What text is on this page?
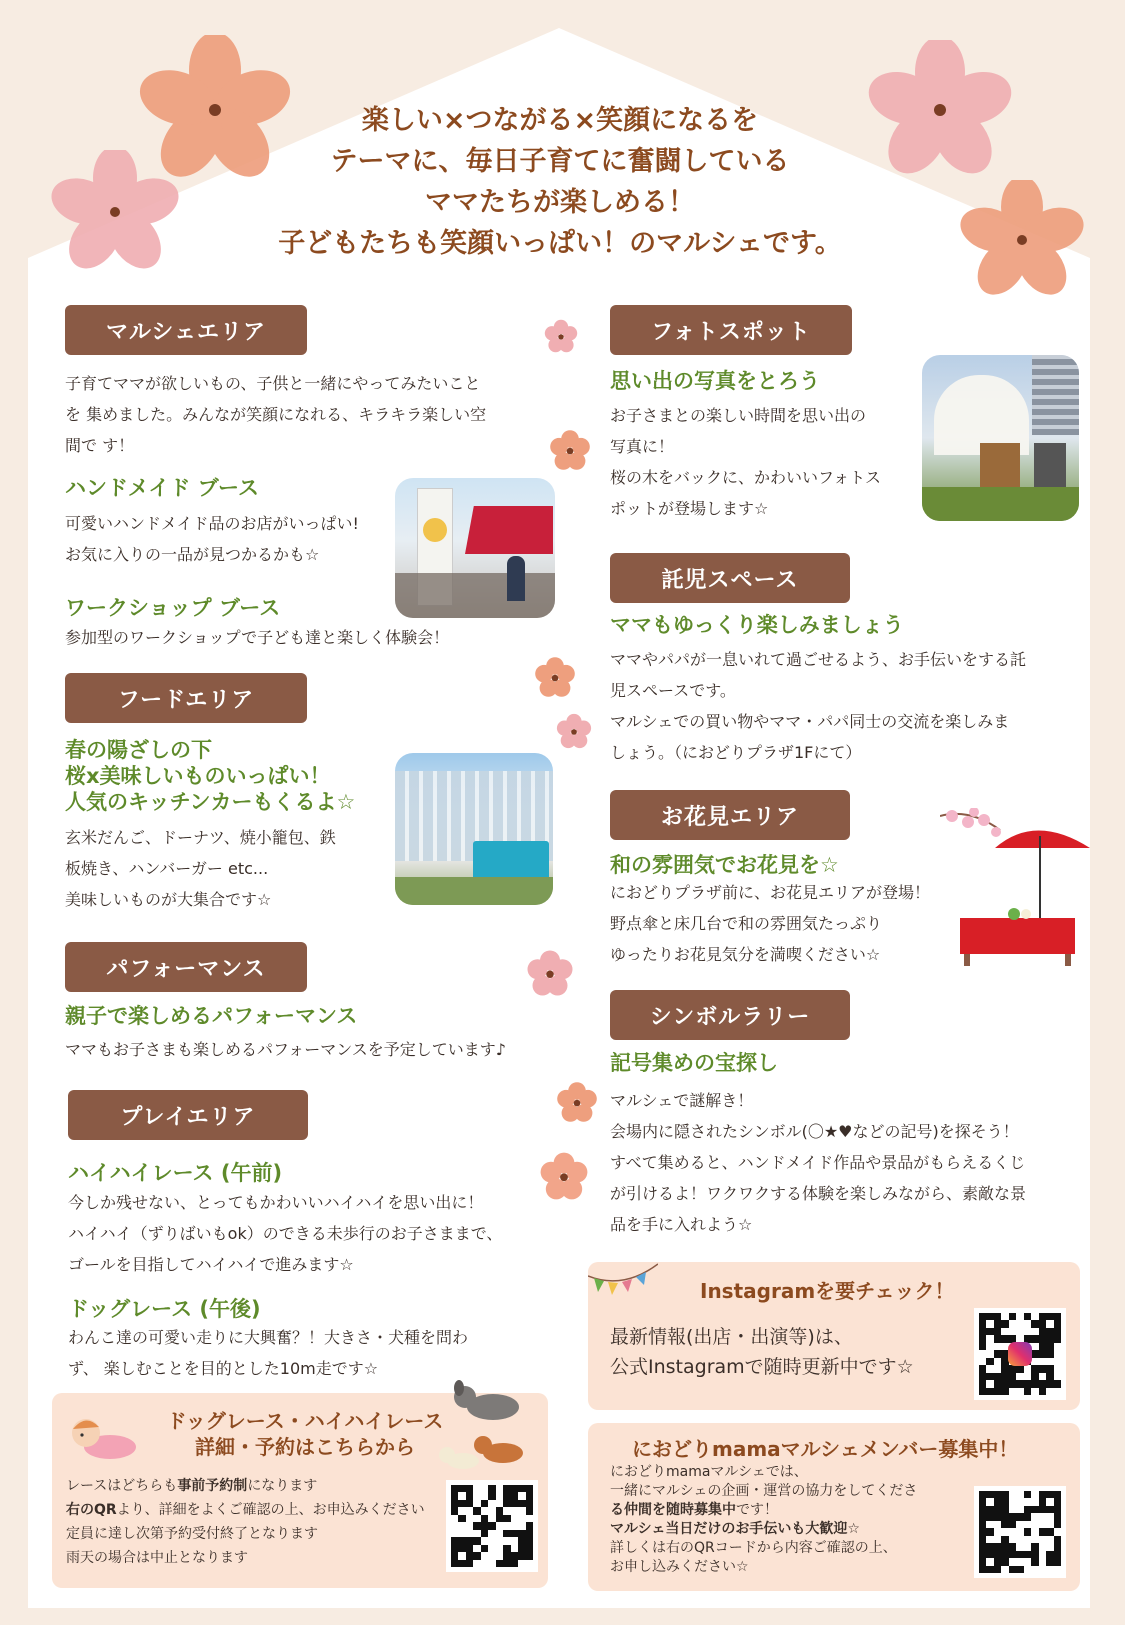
楽しい×つながる×笑顔になるを
テーマに、毎日子育てに奮闘している
ママたちが楽しめる！
子どもたちも笑顔いっぱい！のマルシェです。
マルシェエリア
子育てママが欲しいもの、子供と一緒にやってみたいこと
を 集めました。みんなが笑顔になれる、キラキラ楽しい空
間で す！
ハンドメイド ブース
可愛いハンドメイド品のお店がいっぱい!
お気に入りの一品が見つかるかも☆
ワークショップ ブース
参加型のワークショップで子ども達と楽しく体験会！
フードエリア
春の陽ざしの下
桜x美味しいものいっぱい！
人気のキッチンカーもくるよ☆
玄米だんご、ドーナツ、焼小籠包、鉄
板焼き、ハンバーガー etc...
美味しいものが大集合です☆
パフォーマンス
親子で楽しめるパフォーマンス
ママもお子さまも楽しめるパフォーマンスを予定しています♪
プレイエリア
ハイハイレース (午前)
今しか残せない、とってもかわいいハイハイを思い出に！
ハイハイ（ずりばいもok）のできる未歩行のお子さままで、
ゴールを目指してハイハイで進みます☆
ドッグレース (午後)
わんこ達の可愛い走りに大興奮？！大きさ・犬種を問わ
ず、 楽しむことを目的とした10m走です☆
ドッグレース・ハイハイレース
詳細・予約はこちらから
レースはどちらも事前予約制になります
右のQRより、詳細をよくご確認の上、お申込みください
定員に達し次第予約受付終了となります
雨天の場合は中止となります
フォトスポット
思い出の写真をとろう
お子さまとの楽しい時間を思い出の
写真に！
桜の木をバックに、かわいいフォトス
ポットが登場します☆
託児スペース
ママもゆっくり楽しみましょう
ママやパパが一息いれて過ごせるよう、お手伝いをする託
児スペースです。
マルシェでの買い物やママ・パパ同士の交流を楽しみま
しょう。（におどりプラザ1Fにて）
お花見エリア
和の雰囲気でお花見を☆
におどりプラザ前に、お花見エリアが登場！
野点傘と床几台で和の雰囲気たっぷり
ゆったりお花見気分を満喫ください☆
シンボルラリー
記号集めの宝探し
マルシェで謎解き！
会場内に隠されたシンボル(〇★♥などの記号)を探そう！
すべて集めると、ハンドメイド作品や景品がもらえるくじ
が引けるよ！ワクワクする体験を楽しみながら、素敵な景
品を手に入れよう☆
Instagramを要チェック！
最新情報(出店・出演等)は、
公式Instagramで随時更新中です☆
におどりmamaマルシェメンバー募集中！
におどりmamaマルシェでは、
一緒にマルシェの企画・運営の協力をしてくださ
る仲間を随時募集中です！
マルシェ当日だけのお手伝いも大歓迎☆
詳しくは右のQRコードから内容ご確認の上、
お申し込みください☆
